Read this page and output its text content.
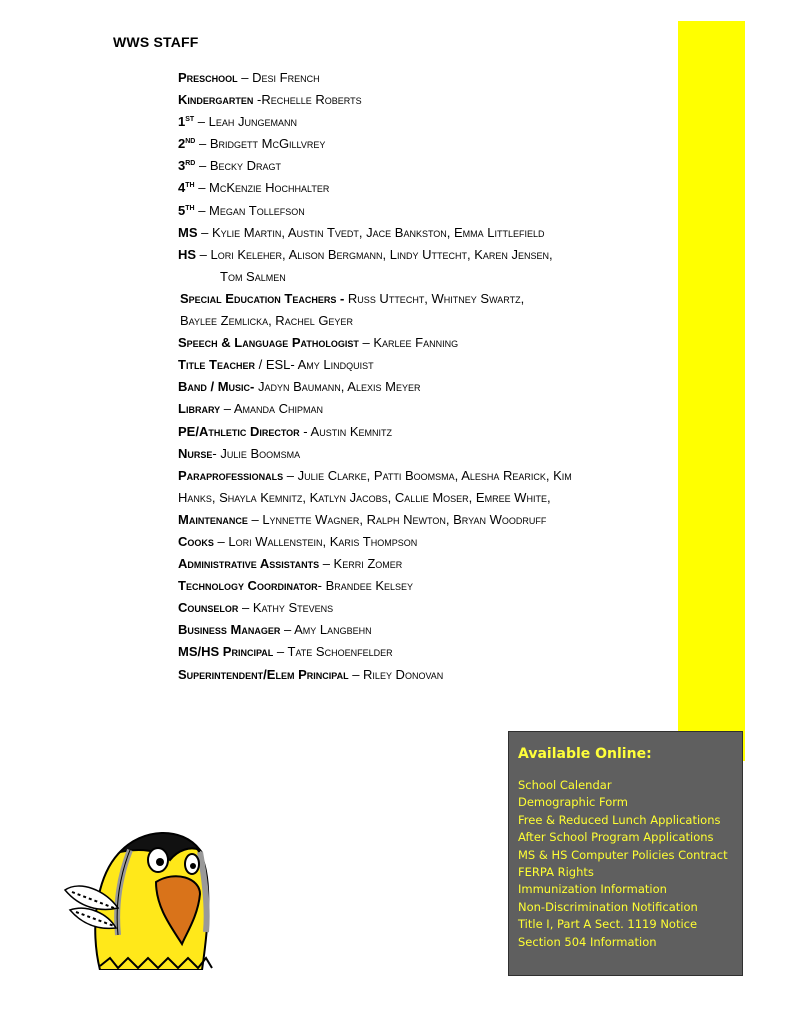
WWS STAFF
Preschool – Desi French
Kindergarten -Rechelle Roberts
1ST – Leah Jungemann
2ND – Bridgett McGillvrey
3RD – Becky Dragt
4TH – McKenzie Hochhalter
5TH – Megan Tollefson
MS – Kylie Martin, Austin Tvedt, Jace Bankston, Emma Littlefield
HS – Lori Keleher, Alison Bergmann, Lindy Uttecht, Karen Jensen,
Tom Salmen
Special Education Teachers - Russ Uttecht, Whitney Swartz,
Baylee Zemlicka, Rachel Geyer
Speech & Language Pathologist – Karlee Fanning
Title Teacher / ESL- Amy Lindquist
Band / Music- Jadyn Baumann, Alexis Meyer
Library – Amanda Chipman
PE/Athletic Director - Austin Kemnitz
Nurse- Julie Boomsma
Paraprofessionals – Julie Clarke, Patti Boomsma, Alesha Rearick, Kim
Hanks, Shayla Kemnitz, Katlyn Jacobs, Callie Moser, Emree White,
Maintenance – Lynnette Wagner, Ralph Newton, Bryan Woodruff
Cooks – Lori Wallenstein, Karis Thompson
Administrative Assistants – Kerri Zomer
Technology Coordinator- Brandee Kelsey
Counselor – Kathy Stevens
Business Manager – Amy Langbehn
MS/HS Principal – Tate Schoenfelder
Superintendent/Elem Principal – Riley Donovan
Available Online:
School Calendar
Demographic Form
Free & Reduced Lunch Applications
After School Program Applications
MS & HS Computer Policies Contract
FERPA Rights
Immunization Information
Non-Discrimination Notification
Title I, Part A Sect. 1119 Notice
Section 504 Information
